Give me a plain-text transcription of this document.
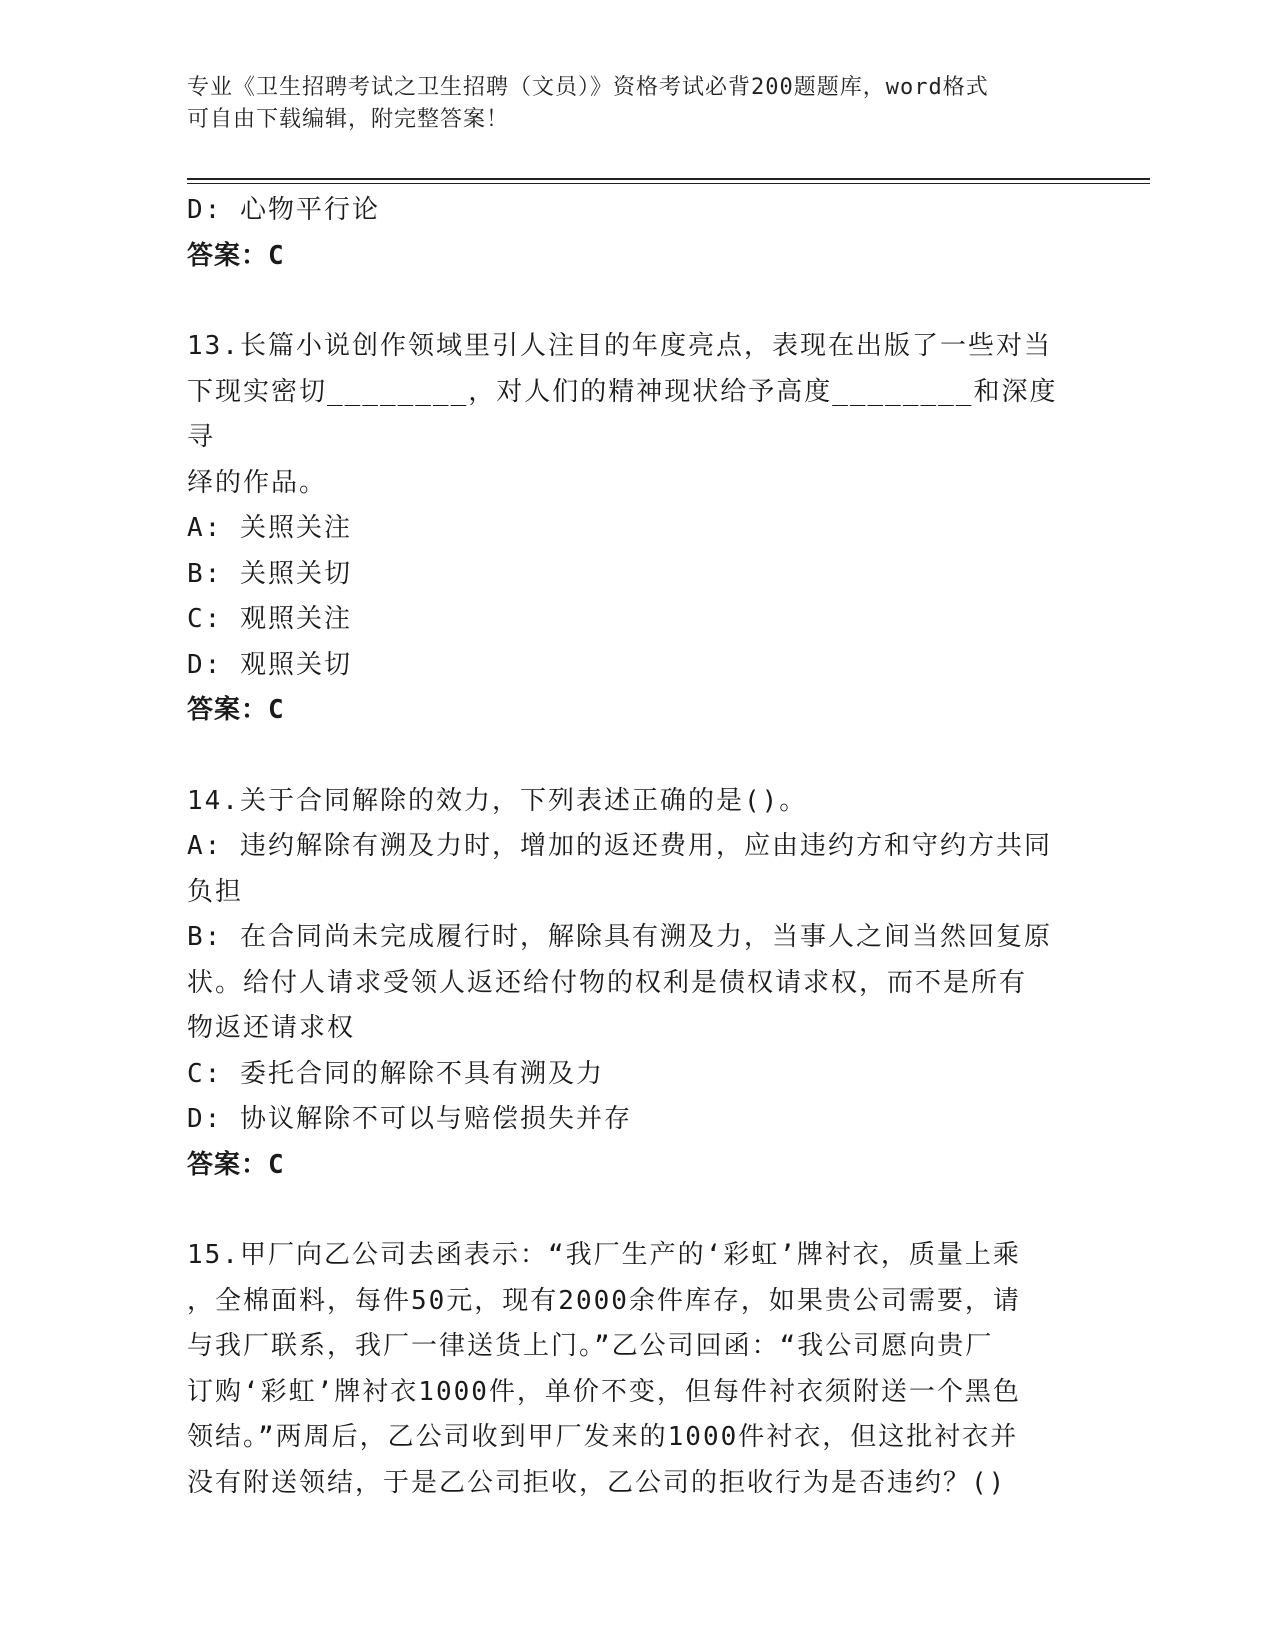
专业《卫生招聘考试之卫生招聘（文员）》资格考试必背200题题库，word格式
可自由下载编辑，附完整答案！
D: 心物平行论
答案：C
13.长篇小说创作领域里引人注目的年度亮点，表现在出版了一些对当
下现实密切________，对人们的精神现状给予高度________和深度寻
绎的作品。
A: 关照关注
B: 关照关切
C: 观照关注
D: 观照关切
答案：C
14.关于合同解除的效力，下列表述正确的是()。
A: 违约解除有溯及力时，增加的返还费用，应由违约方和守约方共同
负担
B: 在合同尚未完成履行时，解除具有溯及力，当事人之间当然回复原
状。给付人请求受领人返还给付物的权利是债权请求权，而不是所有
物返还请求权
C: 委托合同的解除不具有溯及力
D: 协议解除不可以与赔偿损失并存
答案：C
15.甲厂向乙公司去函表示：“我厂生产的‘彩虹’牌衬衣，质量上乘
，全棉面料，每件50元，现有2000余件库存，如果贵公司需要，请
与我厂联系，我厂一律送货上门。”乙公司回函：“我公司愿向贵厂
订购‘彩虹’牌衬衣1000件，单价不变，但每件衬衣须附送一个黑色
领结。”两周后，乙公司收到甲厂发来的1000件衬衣，但这批衬衣并
没有附送领结，于是乙公司拒收，乙公司的拒收行为是否违约？()
